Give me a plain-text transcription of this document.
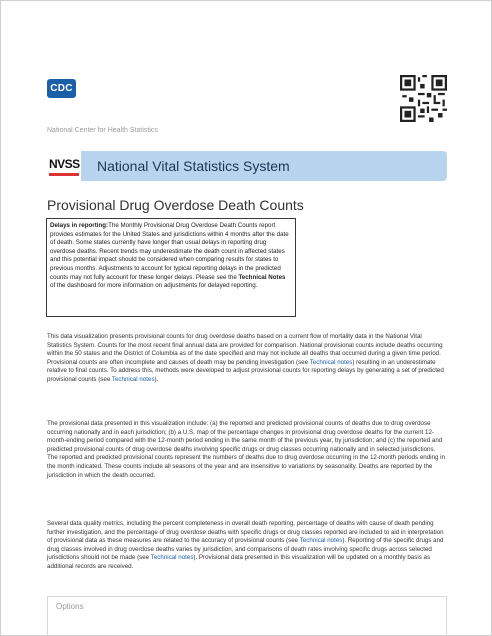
CDC
National Center for Health Statistics
NVSS National Vital Statistics System
Provisional Drug Overdose Death Counts
Delays in reporting:The Monthly Provisional Drug Overdose Death Counts report provides estimates for the United States and jurisdictions within 4 months after the date of death. Some states currently have longer than usual delays in reporting drug overdose deaths. Recent trends may underestimate the death count in affected states and this potential impact should be considered when comparing results for states to previous months. Adjustments to account for typical reporting delays in the predicted counts may not fully account for these longer delays. Please see the Technical Notes of the dashboard for more information on adjustments for delayed reporting.
This data visualization presents provisional counts for drug overdose deaths based on a current flow of mortality data in the National Vital Statistics System. Counts for the most recent final annual data are provided for comparison. National provisional counts include deaths occurring within the 50 states and the District of Columbia as of the date specified and may not include all deaths that occurred during a given time period. Provisional counts are often incomplete and causes of death may be pending investigation (see Technical notes) resulting in an underestimate relative to final counts. To address this, methods were developed to adjust provisional counts for reporting delays by generating a set of predicted provisional counts (see Technical notes).
The provisional data presented in this visualization include: (a) the reported and predicted provisional counts of deaths due to drug overdose occurring nationally and in each jurisdiction; (b) a U.S. map of the percentage changes in provisional drug overdose deaths for the current 12-month-ending period compared with the 12-month period ending in the same month of the previous year, by jurisdiction; and (c) the reported and predicted provisional counts of drug overdose deaths involving specific drugs or drug classes occurring nationally and in selected jurisdictions. The reported and predicted provisional counts represent the numbers of deaths due to drug overdose occurring in the 12-month periods ending in the month indicated. These counts include all seasons of the year and are insensitive to variations by seasonality. Deaths are reported by the jurisdiction in which the death occurred.
Several data quality metrics, including the percent completeness in overall death reporting, percentage of deaths with cause of death pending further investigation, and the percentage of drug overdose deaths with specific drugs or drug classes reported are included to aid in interpretation of provisional data as these measures are related to the accuracy of provisional counts (see Technical notes). Reporting of the specific drugs and drug classes involved in drug overdose deaths varies by jurisdiction, and comparisons of death rates involving specific drugs across selected jurisdictions should not be made (see Technical notes). Provisional data presented in this visualization will be updated on a monthly basis as additional records are received.
Options
